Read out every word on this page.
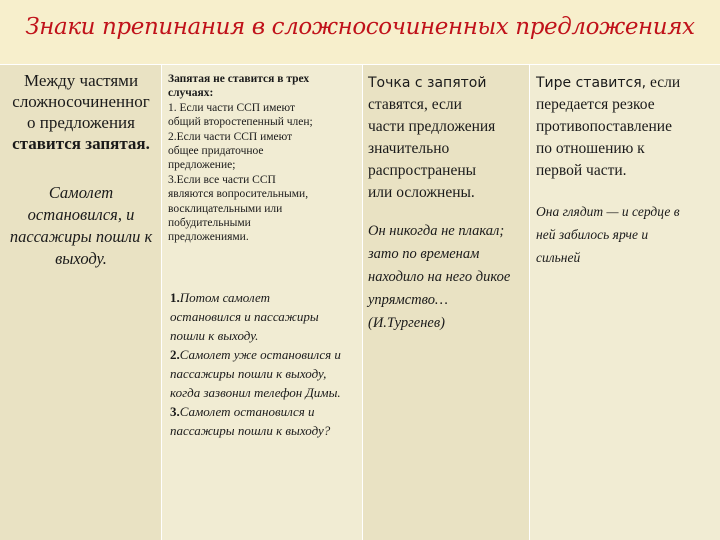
Знаки препинания в сложносочиненных предложениях
Между частями
сложносочиненног
о предложения
ставится запятая.
Самолет
остановился, и
пассажиры пошли к
выходу.
Запятая не ставится в трех
случаях:
1. Если части ССП имеют
общий второстепенный член;
2.Если части ССП имеют
общее придаточное
предложение;
3.Если все части ССП
являются вопросительными,
восклицательными или
побудительными
предложениями.
1.Потом самолет
остановился и пассажиры
пошли к выходу.
2.Самолет уже остановился и
пассажиры пошли к выходу,
когда зазвонил телефон Димы.
3.Самолет остановился и
пассажиры пошли к выходу?
Точка с запятой
ставятся, если
части предложения
значительно
распространены
или осложнены.
Он никогда не плакал;
зато по временам
находило на него дикое
упрямство…
(И.Тургенев)
Тире ставится, если
передается резкое
противопоставление
по отношению к
первой части.
Она глядит — и сердце в
ней забилось ярче и
сильней
